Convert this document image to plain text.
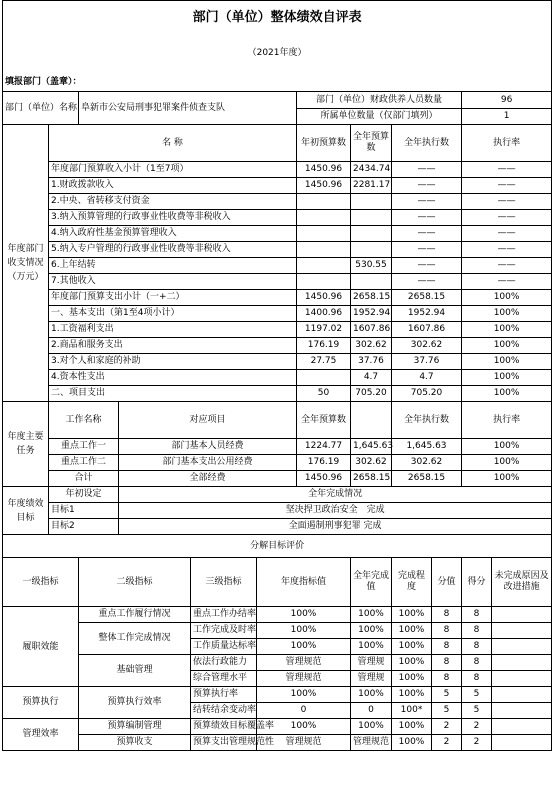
部门（单位）整体绩效自评表											
（2021年度）											
填报部门（盖章）：											
部门（单位）名称		阜新市公安局刑事犯罪案件侦查支队				部门（单位）财政供养人员数量				96	
						所属单位数量（仅部门填列）				1	
年度部门收支情况（万元）	名 称					年初预算数	全年预算数	全年执行数		执行率	
	年度部门预算收入小计（1至7项）					1450.96	2434.74	——		——	
	1.财政拨款收入					1450.96	2281.17	——		——	
	2.中央、省转移支付资金							——		——	
	3.纳入预算管理的行政事业性收费等非税收入							——		——	
	4.纳入政府性基金预算管理收入							——		——	
	5.纳入专户管理的行政事业性收费等非税收入							——		——	
	6.上年结转						530.55	——		——	
	7.其他收入							——		——	
	年度部门预算支出小计（一+二）					1450.96	2658.15	2658.15		100%	
	一、基本支出（第1至4项小计）					1400.96	1952.94	1952.94		100%	
	1.工资福利支出					1197.02	1607.86	1607.86		100%	
	2.商品和服务支出					176.19	302.62	302.62		100%	
	3.对个人和家庭的补助					27.75	37.76	37.76		100%	
	4.资本性支出						4.7	4.7		100%	
	二、项目支出					50	705.20	705.20		100%	
年度主要任务	工作名称		对应项目			全年预算数		全年执行数		执行率	
	重点工作一		部门基本人员经费			1224.77	1,645.63	1,645.63		100%	
	重点工作二		部门基本支出公用经费			176.19	302.62	302.62		100%	
	合计		全部经费			1450.96	2658.15	2658.15		100%	
年度绩效目标	年初设定		全年完成情况								
	目标1		坚决捍卫政治安全　完成								
	目标2		全面遏制刑事犯罪 完成								
分解目标评价											
一级指标		二级指标		三级指标	年度指标值		全年完成值	完成程度	分值	得分	未完成原因及改进措施
履职效能		重点工作履行情况		重点工作办结率	100%		100%	100%	8	8	
		整体工作完成情况		工作完成及时率	100%		100%	100%	8	8	
				工作质量达标率	100%		100%	100%	8	8	
		基础管理		依法行政能力	管理规范		管理规	100%	8	8	
				综合管理水平	管理规范		管理规	100%	8	8	
预算执行		预算执行效率		预算执行率	100%		100%	100%	5	5	
				结转结余变动率	0		0	100*	5	5	
管理效率		预算编制管理		预算绩效目标覆盖率	100%		100%	100%	2	2	
		预算收支		预算支出管理规范性	管理规范		管理规范	100%	2	2	
